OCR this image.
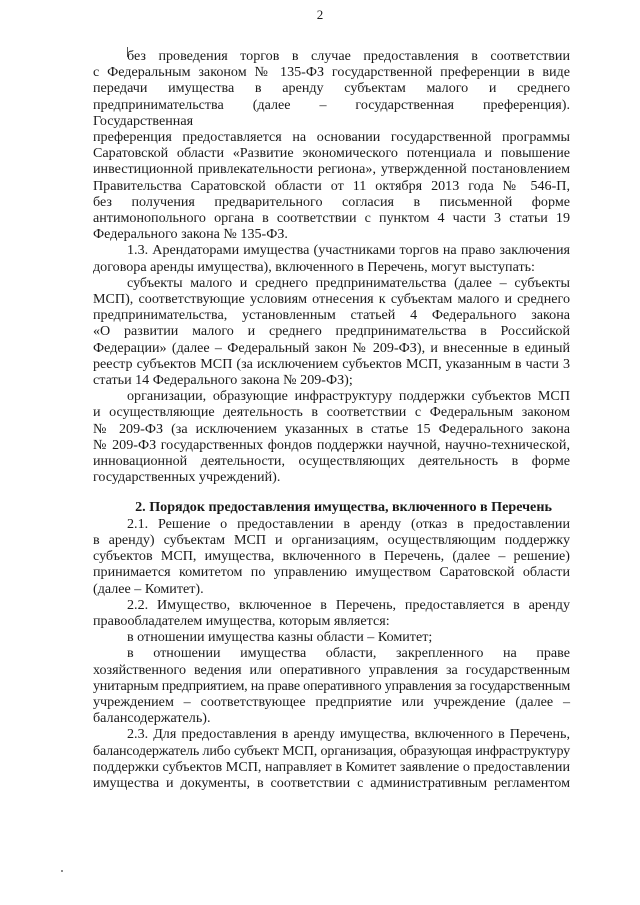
2
без проведения торгов в случае предоставления в соответствии
с Федеральным законом № 135-ФЗ государственной преференции в виде
передачи имущества в аренду субъектам малого и среднего
предпринимательства (далее – государственная преференция). Государственная
преференция предоставляется на основании государственной программы
Саратовской области «Развитие экономического потенциала и повышение
инвестиционной привлекательности региона», утвержденной постановлением
Правительства Саратовской области от 11 октября 2013 года № 546-П,
без получения предварительного согласия в письменной форме
антимонопольного органа в соответствии с пунктом 4 части 3 статьи 19
Федерального закона № 135-ФЗ.
1.3. Арендаторами имущества (участниками торгов на право заключения
договора аренды имущества), включенного в Перечень, могут выступать:
субъекты малого и среднего предпринимательства (далее – субъекты
МСП), соответствующие условиям отнесения к субъектам малого и среднего
предпринимательства, установленным статьей 4 Федерального закона
«О развитии малого и среднего предпринимательства в Российской
Федерации» (далее – Федеральный закон № 209-ФЗ), и внесенные в единый
реестр субъектов МСП (за исключением субъектов МСП, указанным в части 3
статьи 14 Федерального закона № 209-ФЗ);
организации, образующие инфраструктуру поддержки субъектов МСП
и осуществляющие деятельность в соответствии с Федеральным законом
№ 209-ФЗ (за исключением указанных в статье 15 Федерального закона
№ 209-ФЗ государственных фондов поддержки научной, научно-технической,
инновационной деятельности, осуществляющих деятельность в форме
государственных учреждений).
2. Порядок предоставления имущества, включенного в Перечень
2.1. Решение о предоставлении в аренду (отказ в предоставлении
в аренду) субъектам МСП и организациям, осуществляющим поддержку
субъектов МСП, имущества, включенного в Перечень, (далее – решение)
принимается комитетом по управлению имуществом Саратовской области
(далее – Комитет).
2.2. Имущество, включенное в Перечень, предоставляется в аренду
правообладателем имущества, которым является:
в отношении имущества казны области – Комитет;
в отношении имущества области, закрепленного на праве
хозяйственного ведения или оперативного управления за государственным
унитарным предприятием, на праве оперативного управления за государственным
учреждением – соответствующее предприятие или учреждение (далее –
балансодержатель).
2.3. Для предоставления в аренду имущества, включенного в Перечень,
балансодержатель либо субъект МСП, организация, образующая инфраструктуру
поддержки субъектов МСП, направляет в Комитет заявление о предоставлении
имущества и документы, в соответствии с административным регламентом
